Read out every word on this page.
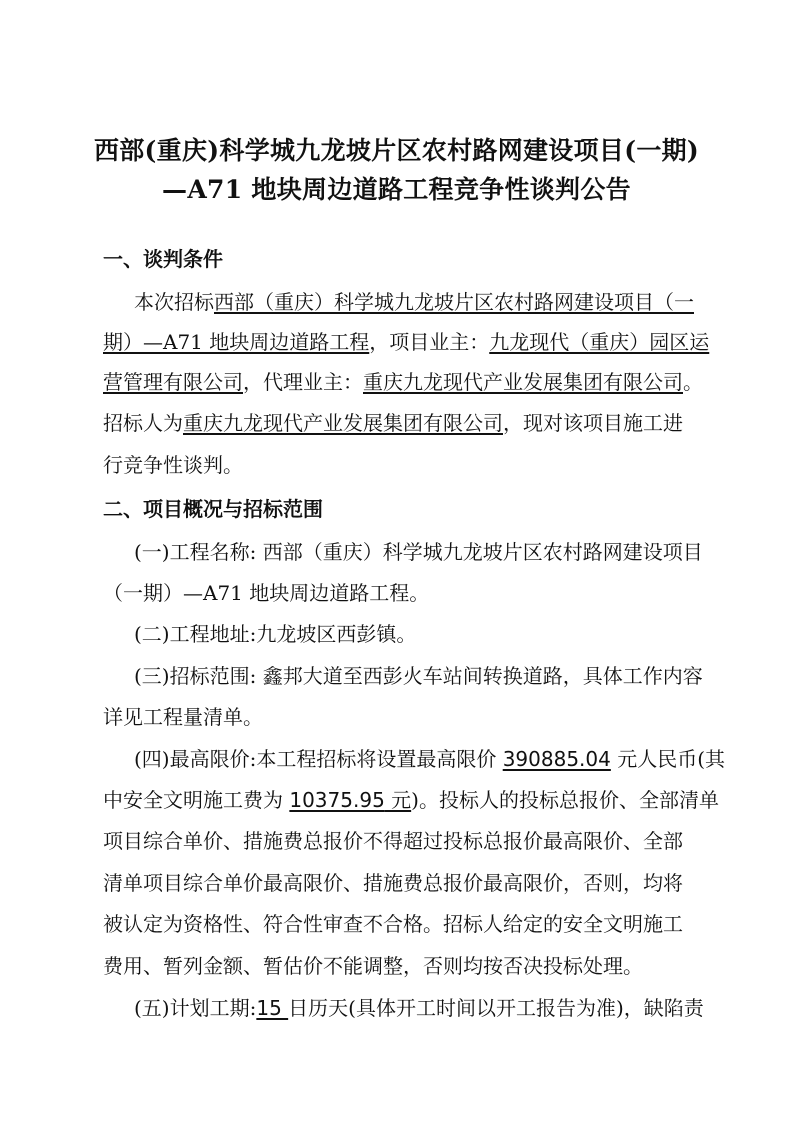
西部(重庆)科学城九龙坡片区农村路网建设项目(一期)
—A71 地块周边道路工程竞争性谈判公告
一、谈判条件
本次招标西部（重庆）科学城九龙坡片区农村路网建设项目（一
期）—A71 地块周边道路工程，项目业主：九龙现代（重庆）园区运
营管理有限公司，代理业主：重庆九龙现代产业发展集团有限公司。
招标人为重庆九龙现代产业发展集团有限公司，现对该项目施工进
行竞争性谈判。
二、项目概况与招标范围
(一)工程名称: 西部（重庆）科学城九龙坡片区农村路网建设项目
（一期）—A71 地块周边道路工程。
(二)工程地址:九龙坡区西彭镇。
(三)招标范围: 鑫邦大道至西彭火车站间转换道路，具体工作内容
详见工程量清单。
(四)最高限价:本工程招标将设置最高限价 390885.04 元人民币(其
中安全文明施工费为 10375.95 元)。投标人的投标总报价、全部清单
项目综合单价、措施费总报价不得超过投标总报价最高限价、全部
清单项目综合单价最高限价、措施费总报价最高限价，否则，均将
被认定为资格性、符合性审查不合格。招标人给定的安全文明施工
费用、暂列金额、暂估价不能调整，否则均按否决投标处理。
(五)计划工期:15 日历天(具体开工时间以开工报告为准)，缺陷责
